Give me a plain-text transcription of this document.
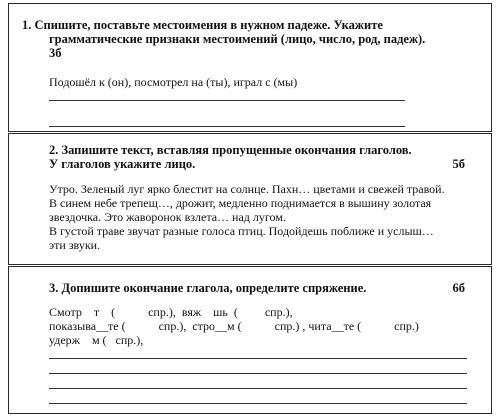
1. Спишите, поставьте местоимения в нужном падеже. Укажите
грамматические признаки местоимений (лицо, число, род, падеж).
3б
Подошёл к (он), посмотрел на (ты), играл с (мы)
2. Запишите текст, вставляя пропущенные окончания глаголов.
У глаголов укажите лицо.	5б
Утро. Зеленый луг ярко блестит на солнце. Пахн… цветами и свежей травой.
В синем небе трепещ…, дрожит, медленно поднимается в вышину золотая
звездочка. Это жаворонок взлета… над лугом.
В густой траве звучат разные голоса птиц. Подойдешь поближе и услыш…
эти звуки.
3. Допишите окончание глагола, определите спряжение.	6б
Смотр    т    (           спр.),  вяж    шь  (         спр.),
показыва__те (           спр.),  стро__м (           спр.) , чита__те (           спр.)
удерж    м (   спр.),
